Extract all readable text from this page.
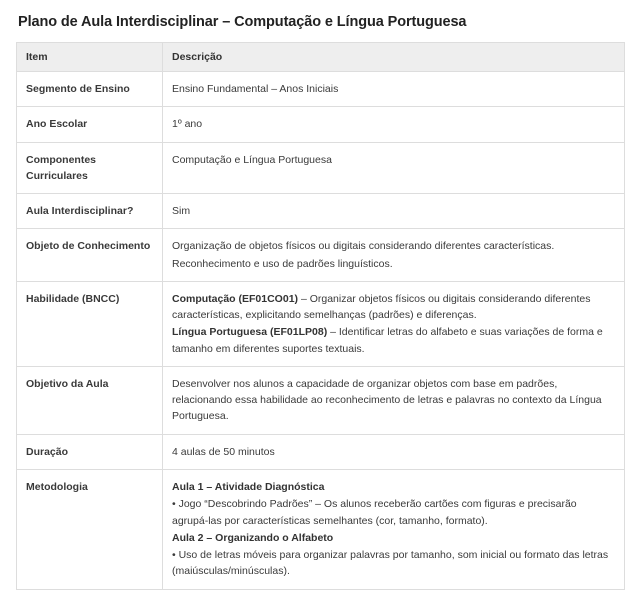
Plano de Aula Interdisciplinar – Computação e Língua Portuguesa
Item	Descrição
Segmento de Ensino	Ensino Fundamental – Anos Iniciais

Ano Escolar	1º ano

Componentes Curriculares	Computação e Língua Portuguesa

Aula Interdisciplinar?	Sim

Objeto de Conhecimento	Organização de objetos físicos ou digitais considerando diferentes características.

Reconhecimento e uso de padrões linguísticos.

Habilidade (BNCC)	Computação (EF01CO01) – Organizar objetos físicos ou digitais considerando diferentes características, explicitando semelhanças (padrões) e diferenças.

Língua Portuguesa (EF01LP08) – Identificar letras do alfabeto e suas variações de forma e tamanho em diferentes suportes textuais.

Objetivo da Aula	Desenvolver nos alunos a capacidade de organizar objetos com base em padrões, relacionando essa habilidade ao reconhecimento de letras e palavras no contexto da Língua Portuguesa.

Duração	4 aulas de 50 minutos

Metodologia	Aula 1 – Atividade Diagnóstica

• Jogo “Descobrindo Padrões” – Os alunos receberão cartões com figuras e precisarão agrupá-las por características semelhantes (cor, tamanho, formato).

Aula 2 – Organizando o Alfabeto

• Uso de letras móveis para organizar palavras por tamanho, som inicial ou formato das letras (maiúsculas/minúsculas).
